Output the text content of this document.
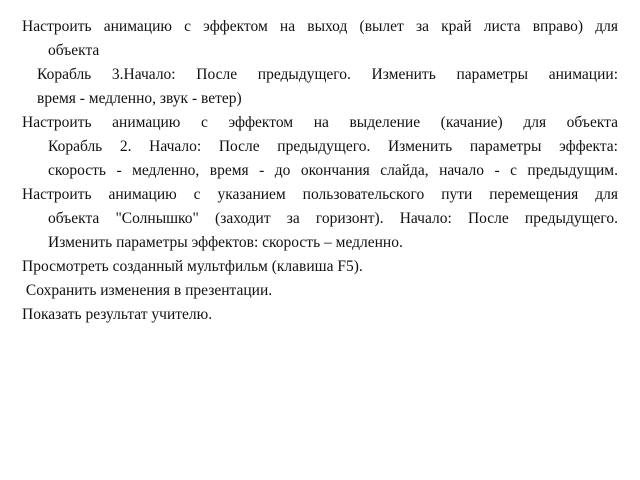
Настроить анимацию с эффектом на выход (вылет за край листа вправо) для
объекта
Корабль 3.Начало: После предыдущего. Изменить параметры анимации:
время - медленно, звук - ветер)
Настроить анимацию с эффектом на выделение (качание) для объекта
Корабль 2. Начало: После предыдущего. Изменить параметры эффекта:
скорость - медленно, время - до окончания слайда, начало - с предыдущим.
Настроить анимацию с указанием пользовательского пути перемещения для
объекта "Солнышко" (заходит за горизонт). Начало: После предыдущего.
Изменить параметры эффектов: скорость – медленно.
Просмотреть созданный мультфильм (клавиша F5).
Сохранить изменения в презентации.
Показать результат учителю.
